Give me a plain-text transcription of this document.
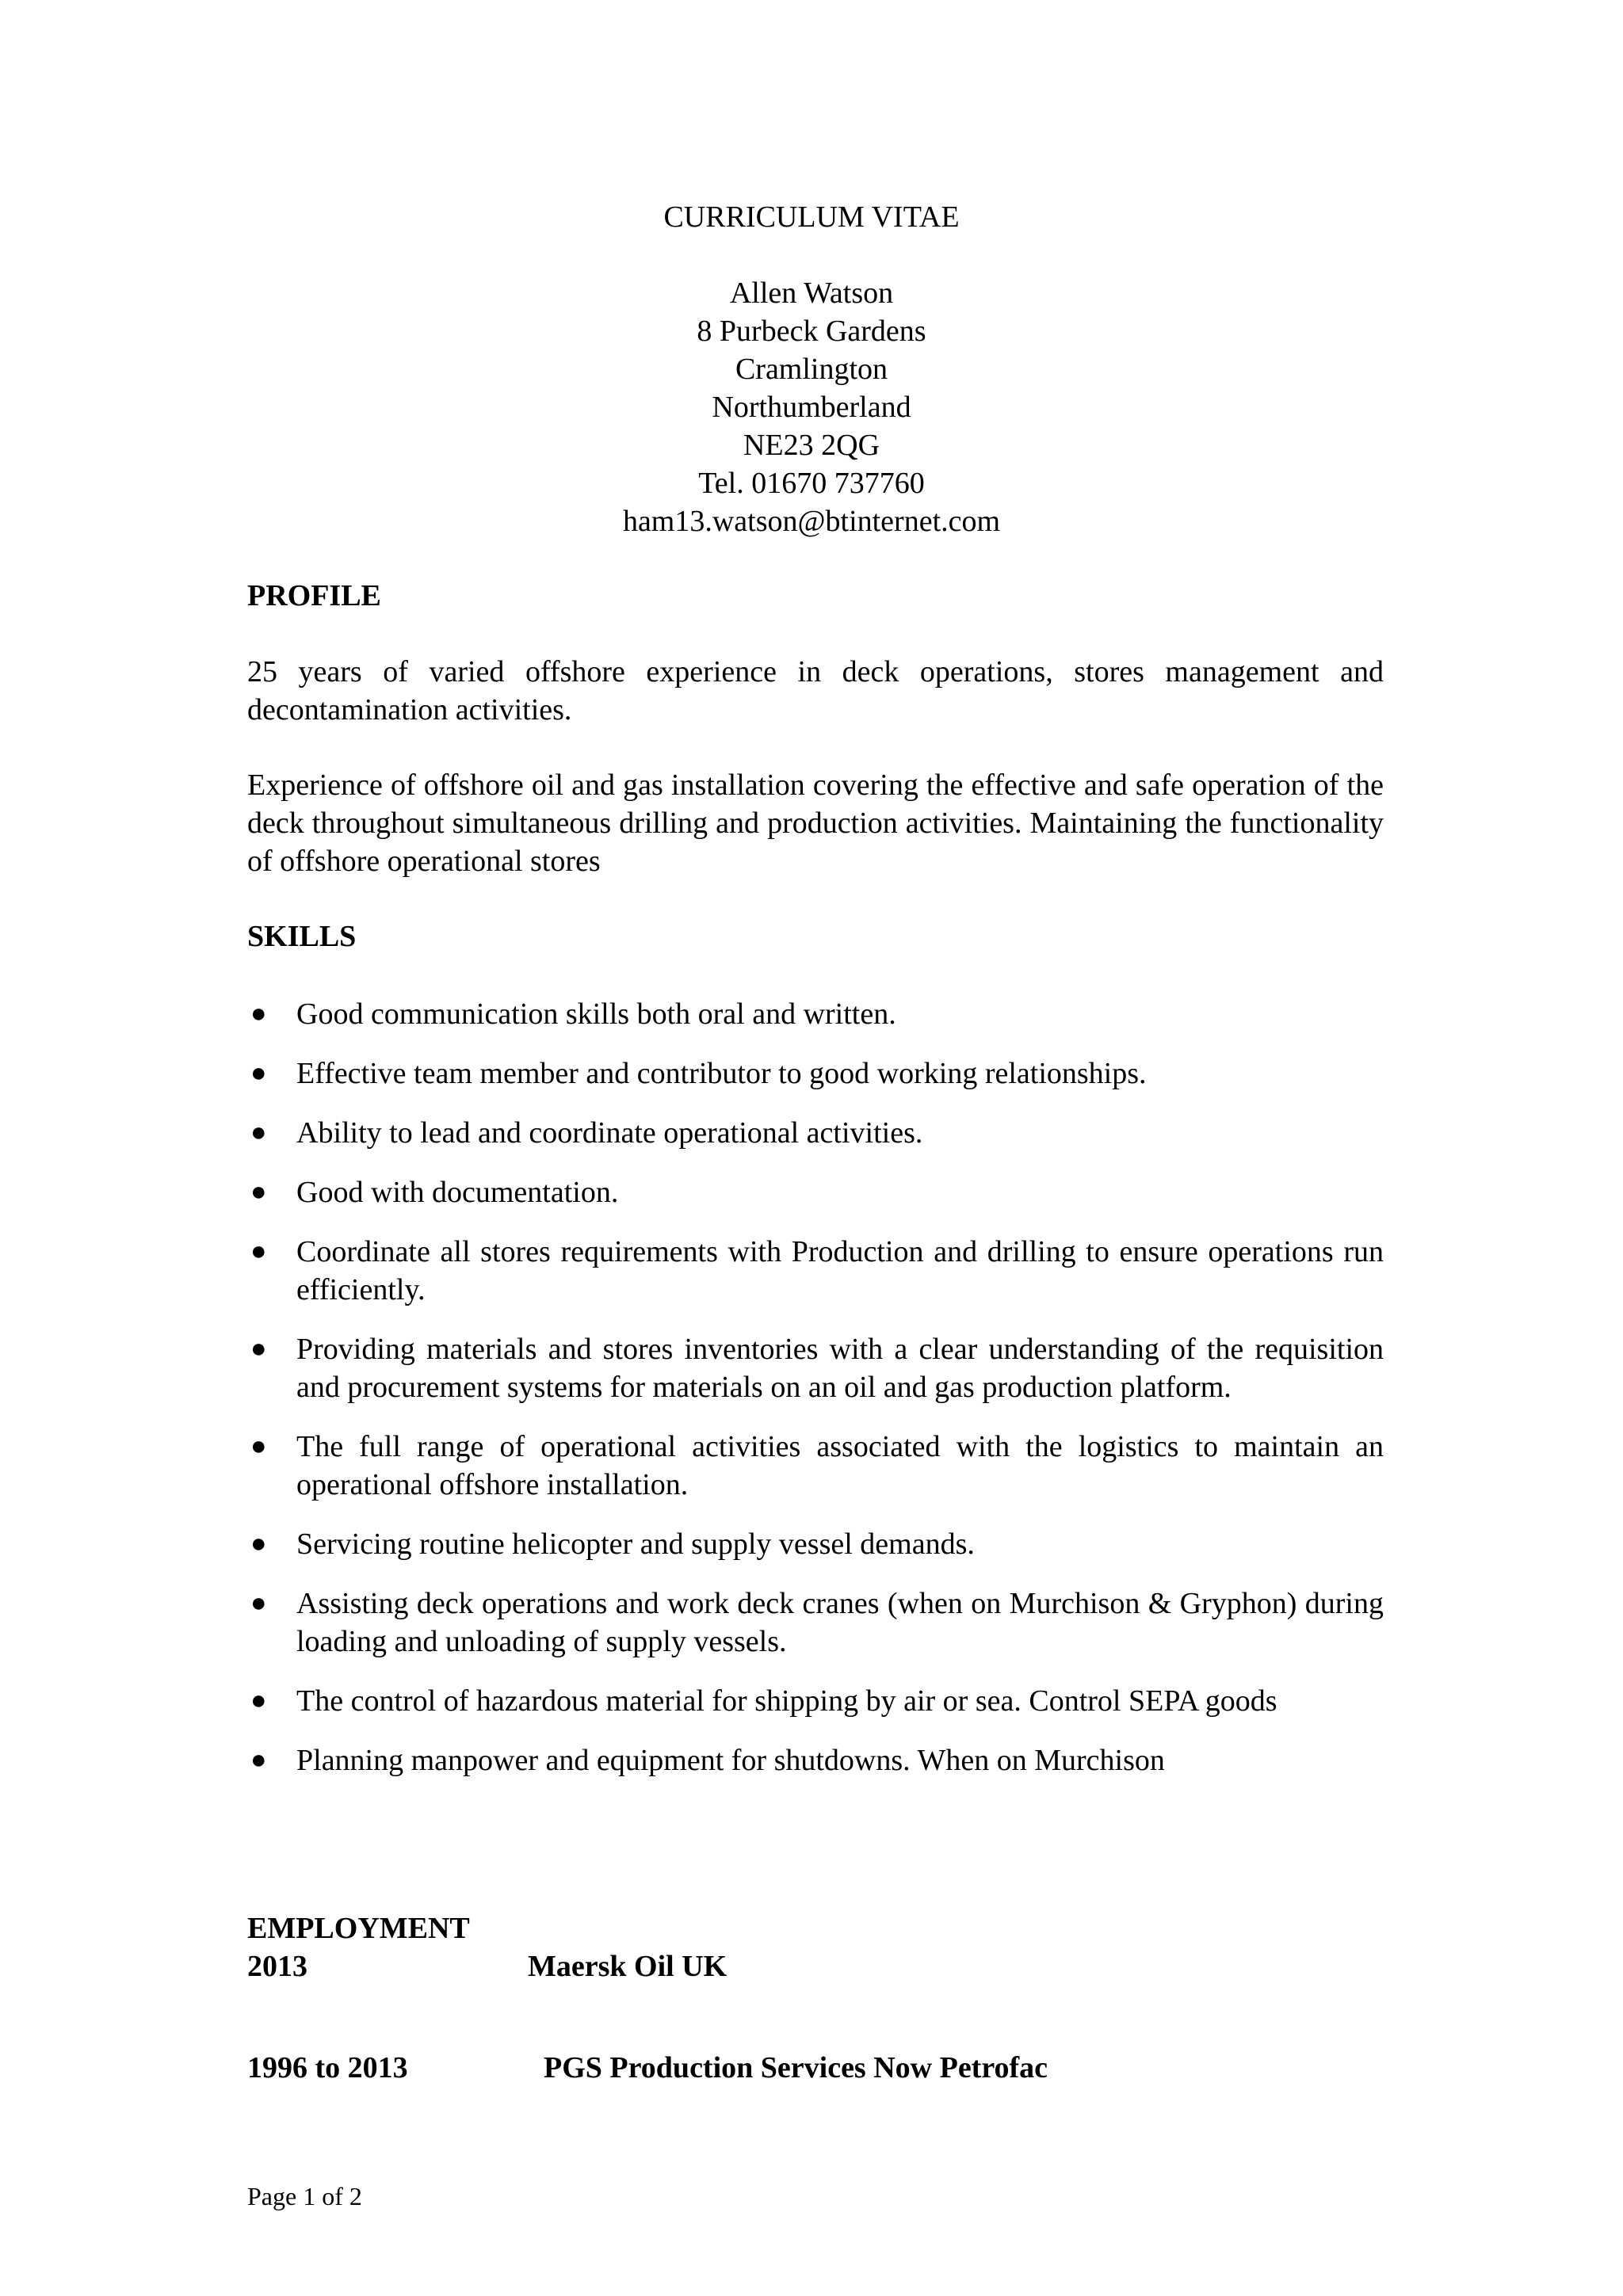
CURRICULUM VITAE
Allen Watson
8 Purbeck Gardens
Cramlington
Northumberland
NE23 2QG
Tel. 01670 737760
ham13.watson@btinternet.com
PROFILE
25 years of varied offshore experience in deck operations, stores management and decontamination activities.
Experience of offshore oil and gas installation covering the effective and safe operation of the deck throughout simultaneous drilling and production activities. Maintaining the functionality of offshore operational stores
SKILLS
● Good communication skills both oral and written.
● Effective team member and contributor to good working relationships.
● Ability to lead and coordinate operational activities.
● Good with documentation.
● Coordinate all stores requirements with Production and drilling to ensure operations run efficiently.
● Providing materials and stores inventories with a clear understanding of the requisition and procurement systems for materials on an oil and gas production platform.
● The full range of operational activities associated with the logistics to maintain an operational offshore installation.
● Servicing routine helicopter and supply vessel demands.
● Assisting deck operations and work deck cranes (when on Murchison & Gryphon) during loading and unloading of supply vessels.
● The control of hazardous material for shipping by air or sea. Control SEPA goods
● Planning manpower and equipment for shutdowns. When on Murchison
EMPLOYMENT
2013	Maersk Oil UK
1996 to 2013	PGS Production Services Now Petrofac
Page 1 of 2
